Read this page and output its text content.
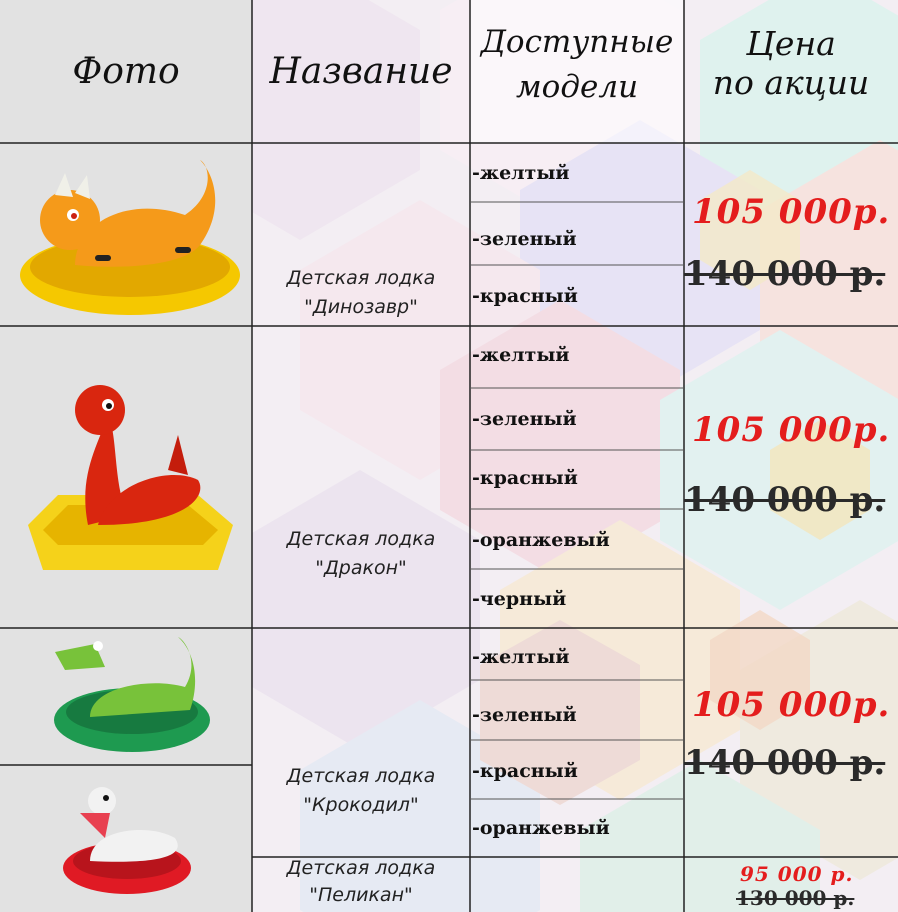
Фото	Название
Доступные
модели
Цена
по акции
Детская лодка
"Динозавр"
Детская лодка
"Дракон"
Детская лодка
"Крокодил"
Детская лодка
"Пеликан"
-желтый
-зеленый
-красный
-желтый
-зеленый
-красный
-оранжевый
-черный
-желтый
-зеленый
-красный
-оранжевый
105 000р.
140 000 р.
105 000р.
140 000 р.
105 000р.
140 000 р.
95 000 р.
130 000 р.
